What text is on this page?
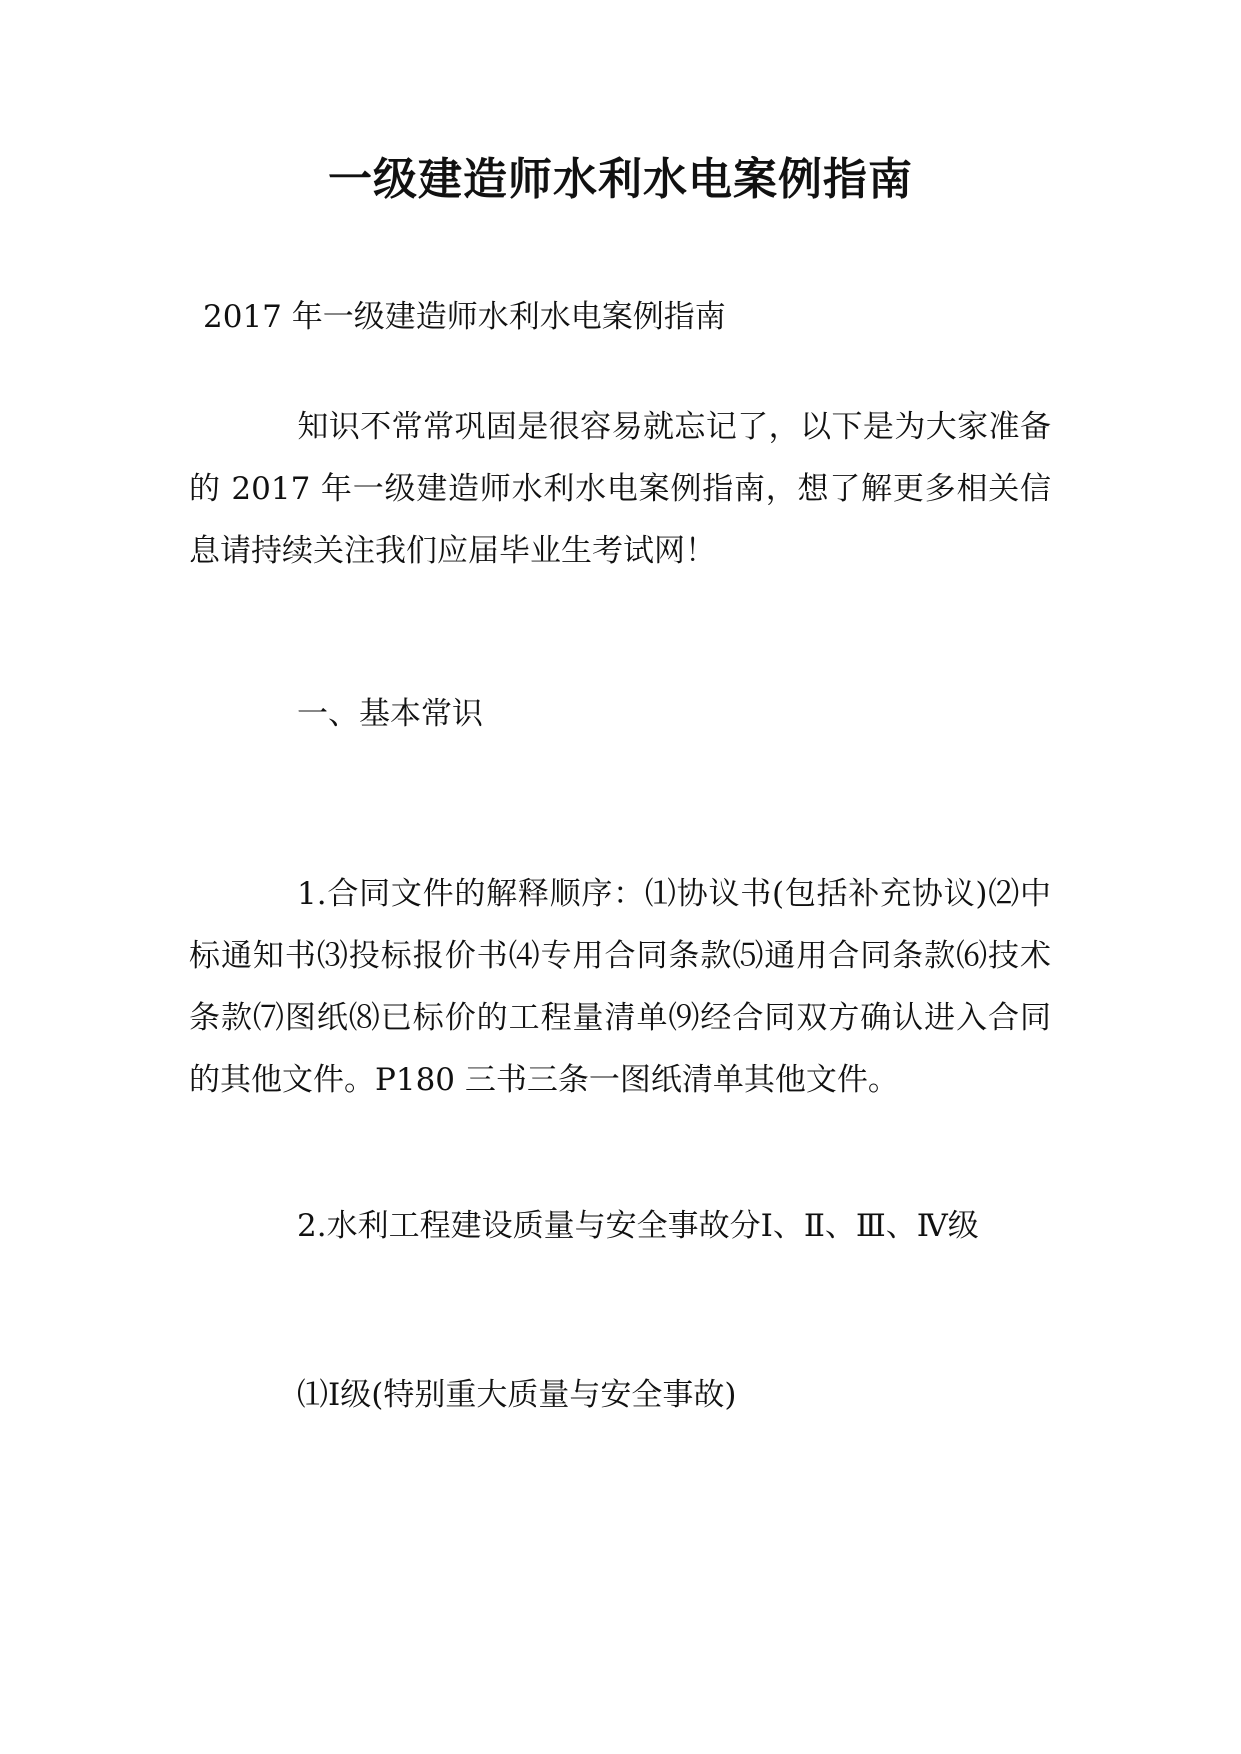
一级建造师水利水电案例指南

2017 年一级建造师水利水电案例指南

知识不常常巩固是很容易就忘记了，以下是为大家准备的 2017 年一级建造师水利水电案例指南，想了解更多相关信息请持续关注我们应届毕业生考试网！

一、基本常识

1.合同文件的解释顺序：⑴协议书(包括补充协议)⑵中标通知书⑶投标报价书⑷专用合同条款⑸通用合同条款⑹技术条款⑺图纸⑻已标价的工程量清单⑼经合同双方确认进入合同的其他文件。P180 三书三条一图纸清单其他文件。

2.水利工程建设质量与安全事故分Ⅰ、Ⅱ、Ⅲ、Ⅳ级

⑴Ⅰ级(特别重大质量与安全事故)
